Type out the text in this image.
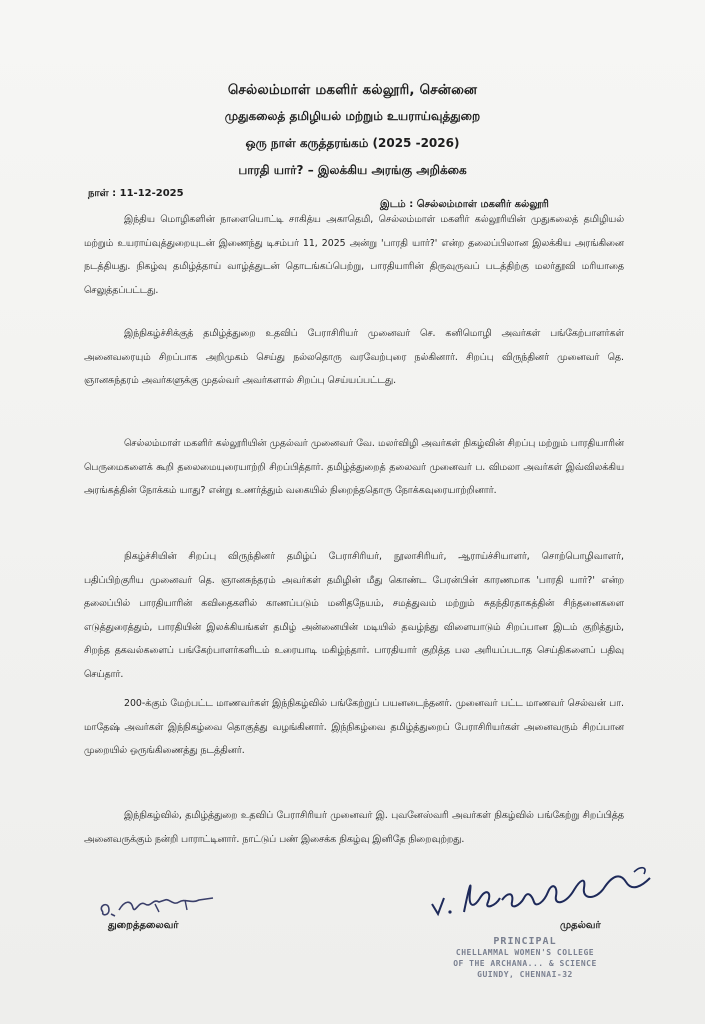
செல்லம்மாள் மகளிர் கல்லூரி, சென்னை
முதுகலைத் தமிழியல் மற்றும் உயராய்வுத்துறை
ஒரு நாள் கருத்தரங்கம் (2025 -2026)
பாரதி யார்? – இலக்கிய அரங்கு அறிக்கை
நாள் : 11-12-2025
இடம் : செல்லம்மாள் மகளிர் கல்லூரி
இந்திய மொழிகளின் நாளையொட்டி சாகித்ய அகாதெமி, செல்லம்மாள் மகளிர் கல்லூரியின் முதுகலைத் தமிழியல் மற்றும் உயராய்வுத்துறையுடன் இணைந்து டிசம்பர் 11, 2025 அன்று 'பாரதி யார்?' என்ற தலைப்பிலான இலக்கிய அரங்கினை நடத்தியது. நிகழ்வு தமிழ்த்தாய் வாழ்த்துடன் தொடங்கப்பெற்று, பாரதியாரின் திருவுருவப் படத்திற்கு மலர்தூவி மரியாதை செலுத்தப்பட்டது.
இந்நிகழ்ச்சிக்குத் தமிழ்த்துறை உதவிப் பேராசிரியர் முனைவர் செ. கனிமொழி அவர்கள் பங்கேற்பாளர்கள் அனைவரையும் சிறப்பாக அறிமுகம் செய்து நல்லதொரு வரவேற்புரை நல்கினார். சிறப்பு விருந்தினர் முனைவர் தெ. ஞானசுந்தரம் அவர்களுக்கு முதல்வர் அவர்களால் சிறப்பு செய்யப்பட்டது.
செல்லம்மாள் மகளிர் கல்லூரியின் முதல்வர் முனைவர் வே. மலர்விழி அவர்கள் நிகழ்வின் சிறப்பு மற்றும் பாரதியாரின் பெருமைகளைக் கூறி தலைமையுரையாற்றி சிறப்பித்தார். தமிழ்த்துறைத் தலைவர் முனைவர் ப. விமலா அவர்கள் இவ்விலக்கிய அரங்கத்தின் நோக்கம் யாது? என்று உணர்த்தும் வகையில் நிறைந்ததொரு நோக்கவுரையாற்றினார்.
நிகழ்ச்சியின் சிறப்பு விருந்தினர் தமிழ்ப் பேராசிரியர், நூலாசிரியர், ஆராய்ச்சியாளர், சொற்பொழிவாளர், பதிப்பிற்குரிய முனைவர் தெ. ஞானசுந்தரம் அவர்கள் தமிழின் மீது கொண்ட பேரன்பின் காரணமாக 'பாரதி யார்?' என்ற தலைப்பில் பாரதியாரின் கவிதைகளில் காணப்படும் மனிதநேயம், சமத்துவம் மற்றும் சுதந்திரதாகத்தின் சிந்தனைகளை எடுத்துரைத்தும், பாரதியின் இலக்கியங்கள் தமிழ் அன்னையின் மடியில் தவழ்ந்து விளையாடும் சிறப்பான இடம் குறித்தும், சிறந்த தகவல்களைப் பங்கேற்பாளர்களிடம் உரையாடி மகிழ்ந்தார். பாரதியார் குறித்த பல அரியப்படாத செய்திகளைப் பதிவு செய்தார்.
200-க்கும் மேற்பட்ட மாணவர்கள் இந்நிகழ்வில் பங்கேற்றுப் பயனடைந்தனர். முனைவர் பட்ட மாணவர் செல்வன் பா. மாதேஷ் அவர்கள் இந்நிகழ்வை தொகுத்து வழங்கினார். இந்நிகழ்வை தமிழ்த்துறைப் பேராசிரியர்கள் அனைவரும் சிறப்பான முறையில் ஒருங்கிணைத்து நடத்தினர்.
இந்நிகழ்வில், தமிழ்த்துறை உதவிப் பேராசிரியர் முனைவர் இ. புவனேஸ்வரி அவர்கள் நிகழ்வில் பங்கேற்று சிறப்பித்த அனைவருக்கும் நன்றி பாராட்டினார். நாட்டுப் பண் இசைக்க நிகழ்வு இனிதே நிறைவுற்றது.
துறைத்தலைவர்	முதல்வர்
PRINCIPAL
CHELLAMMAL WOMEN'S COLLEGE
OF THE ARCHANA... & SCIENCE
GUINDY, CHENNAI-32
